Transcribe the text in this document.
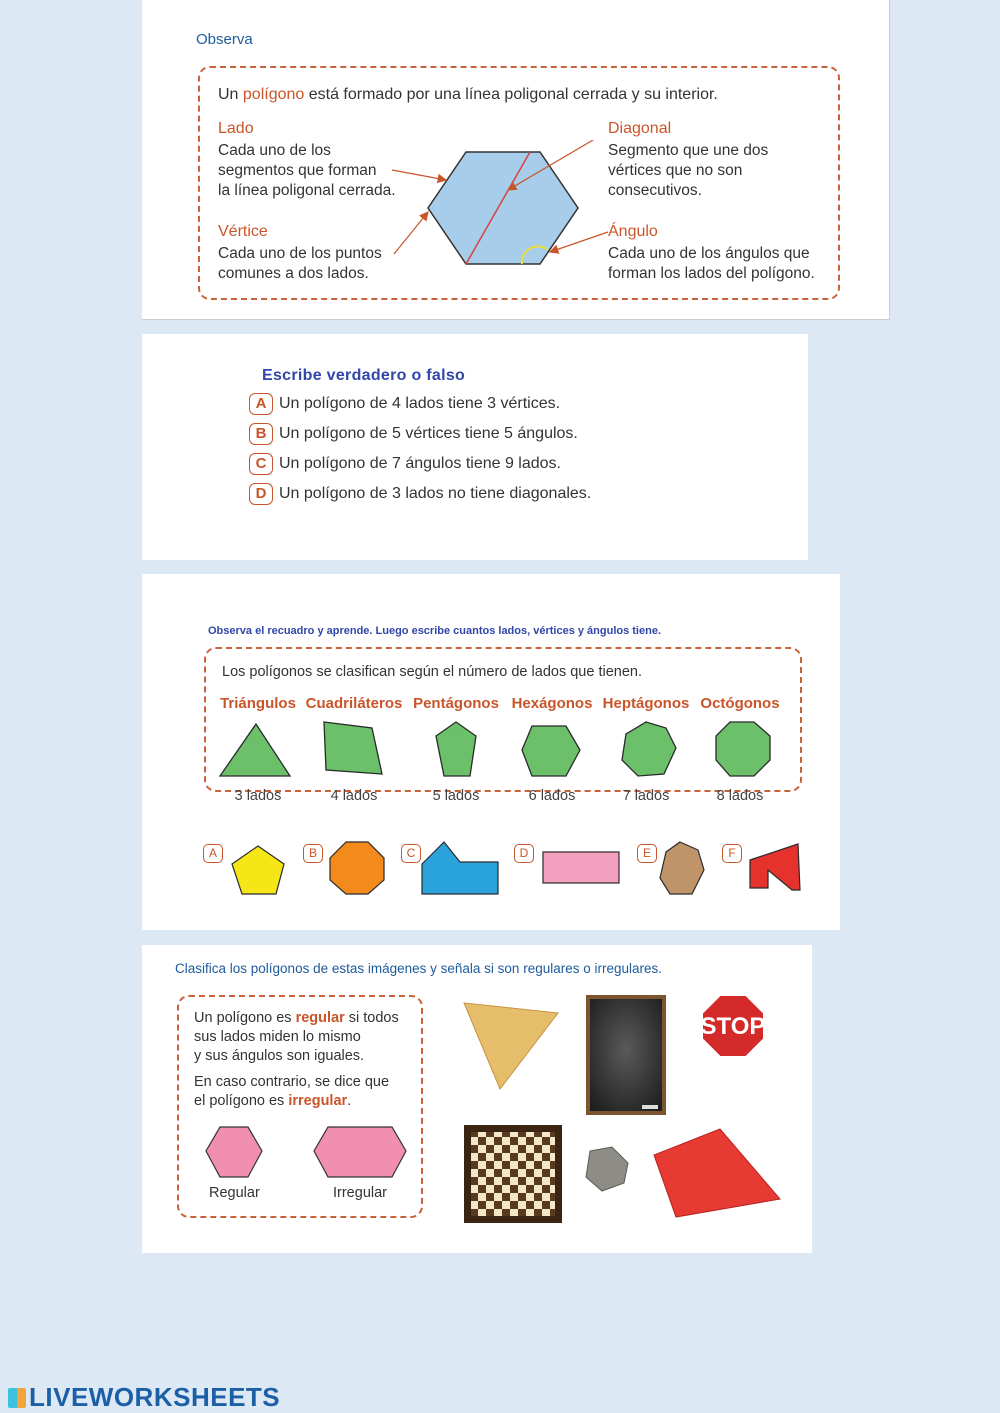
Observa
Un polígono está formado por una línea poligonal cerrada y su interior.
Lado
Cada uno de los
segmentos que forman
la línea poligonal cerrada.
Vértice
Cada uno de los puntos
comunes a dos lados.
Diagonal
Segmento que une dos
vértices que no son
consecutivos.
Ángulo
Cada uno de los ángulos que
forman los lados del polígono.
Escribe verdadero o falso
A Un polígono de 4 lados tiene 3 vértices.
B Un polígono de 5 vértices tiene 5 ángulos.
C Un polígono de 7 ángulos tiene 9 lados.
D Un polígono de 3 lados no tiene diagonales.
Observa el recuadro y aprende. Luego escribe cuantos lados, vértices y ángulos tiene.
Los polígonos se clasifican según el número de lados que tienen.
Triángulos Cuadriláteros Pentágonos Hexágonos Heptágonos Octógonos
3 lados	4 lados	5 lados	6 lados	7 lados	8 lados
A	B	C	D	E	F
Clasifica los polígonos de estas imágenes y señala si son regulares o irregulares.
Un polígono es regular si todos
sus lados miden lo mismo
y sus ángulos son iguales.
En caso contrario, se dice que
el polígono es irregular.
Regular	Irregular
STOP
LIVEWORKSHEETS
